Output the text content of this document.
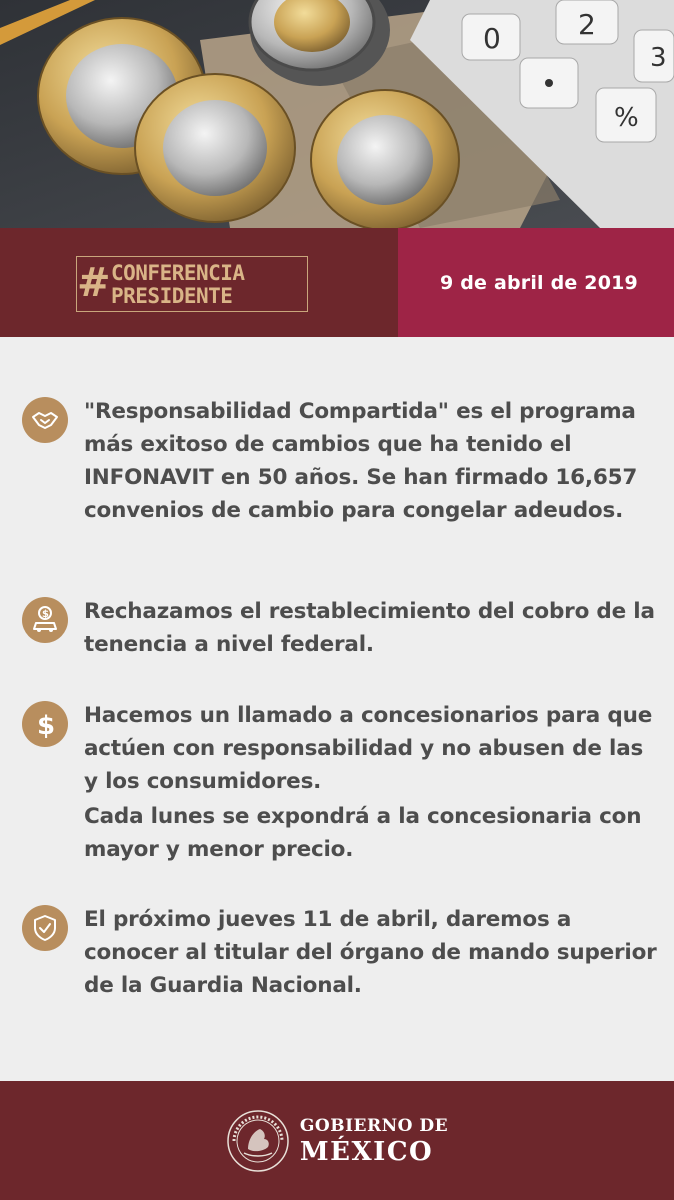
0	2
%
3
# CONFERENCIA
PRESIDENTE
9 de abril de 2019

"Responsabilidad Compartida" es el programa más exitoso de cambios que ha tenido el INFONAVIT en 50 años. Se han firmado 16,657 convenios de cambio para congelar adeudos.

$ Rechazamos el restablecimiento del cobro de la tenencia a nivel federal.

$ Hacemos un llamado a concesionarios para que actúen con responsabilidad y no abusen de las y los consumidores.

Cada lunes se expondrá a la concesionaria con mayor y menor precio.

El próximo jueves 11 de abril, daremos a conocer al titular del órgano de mando superior de la Guardia Nacional.

GOBIERNO DE
MÉXICO
